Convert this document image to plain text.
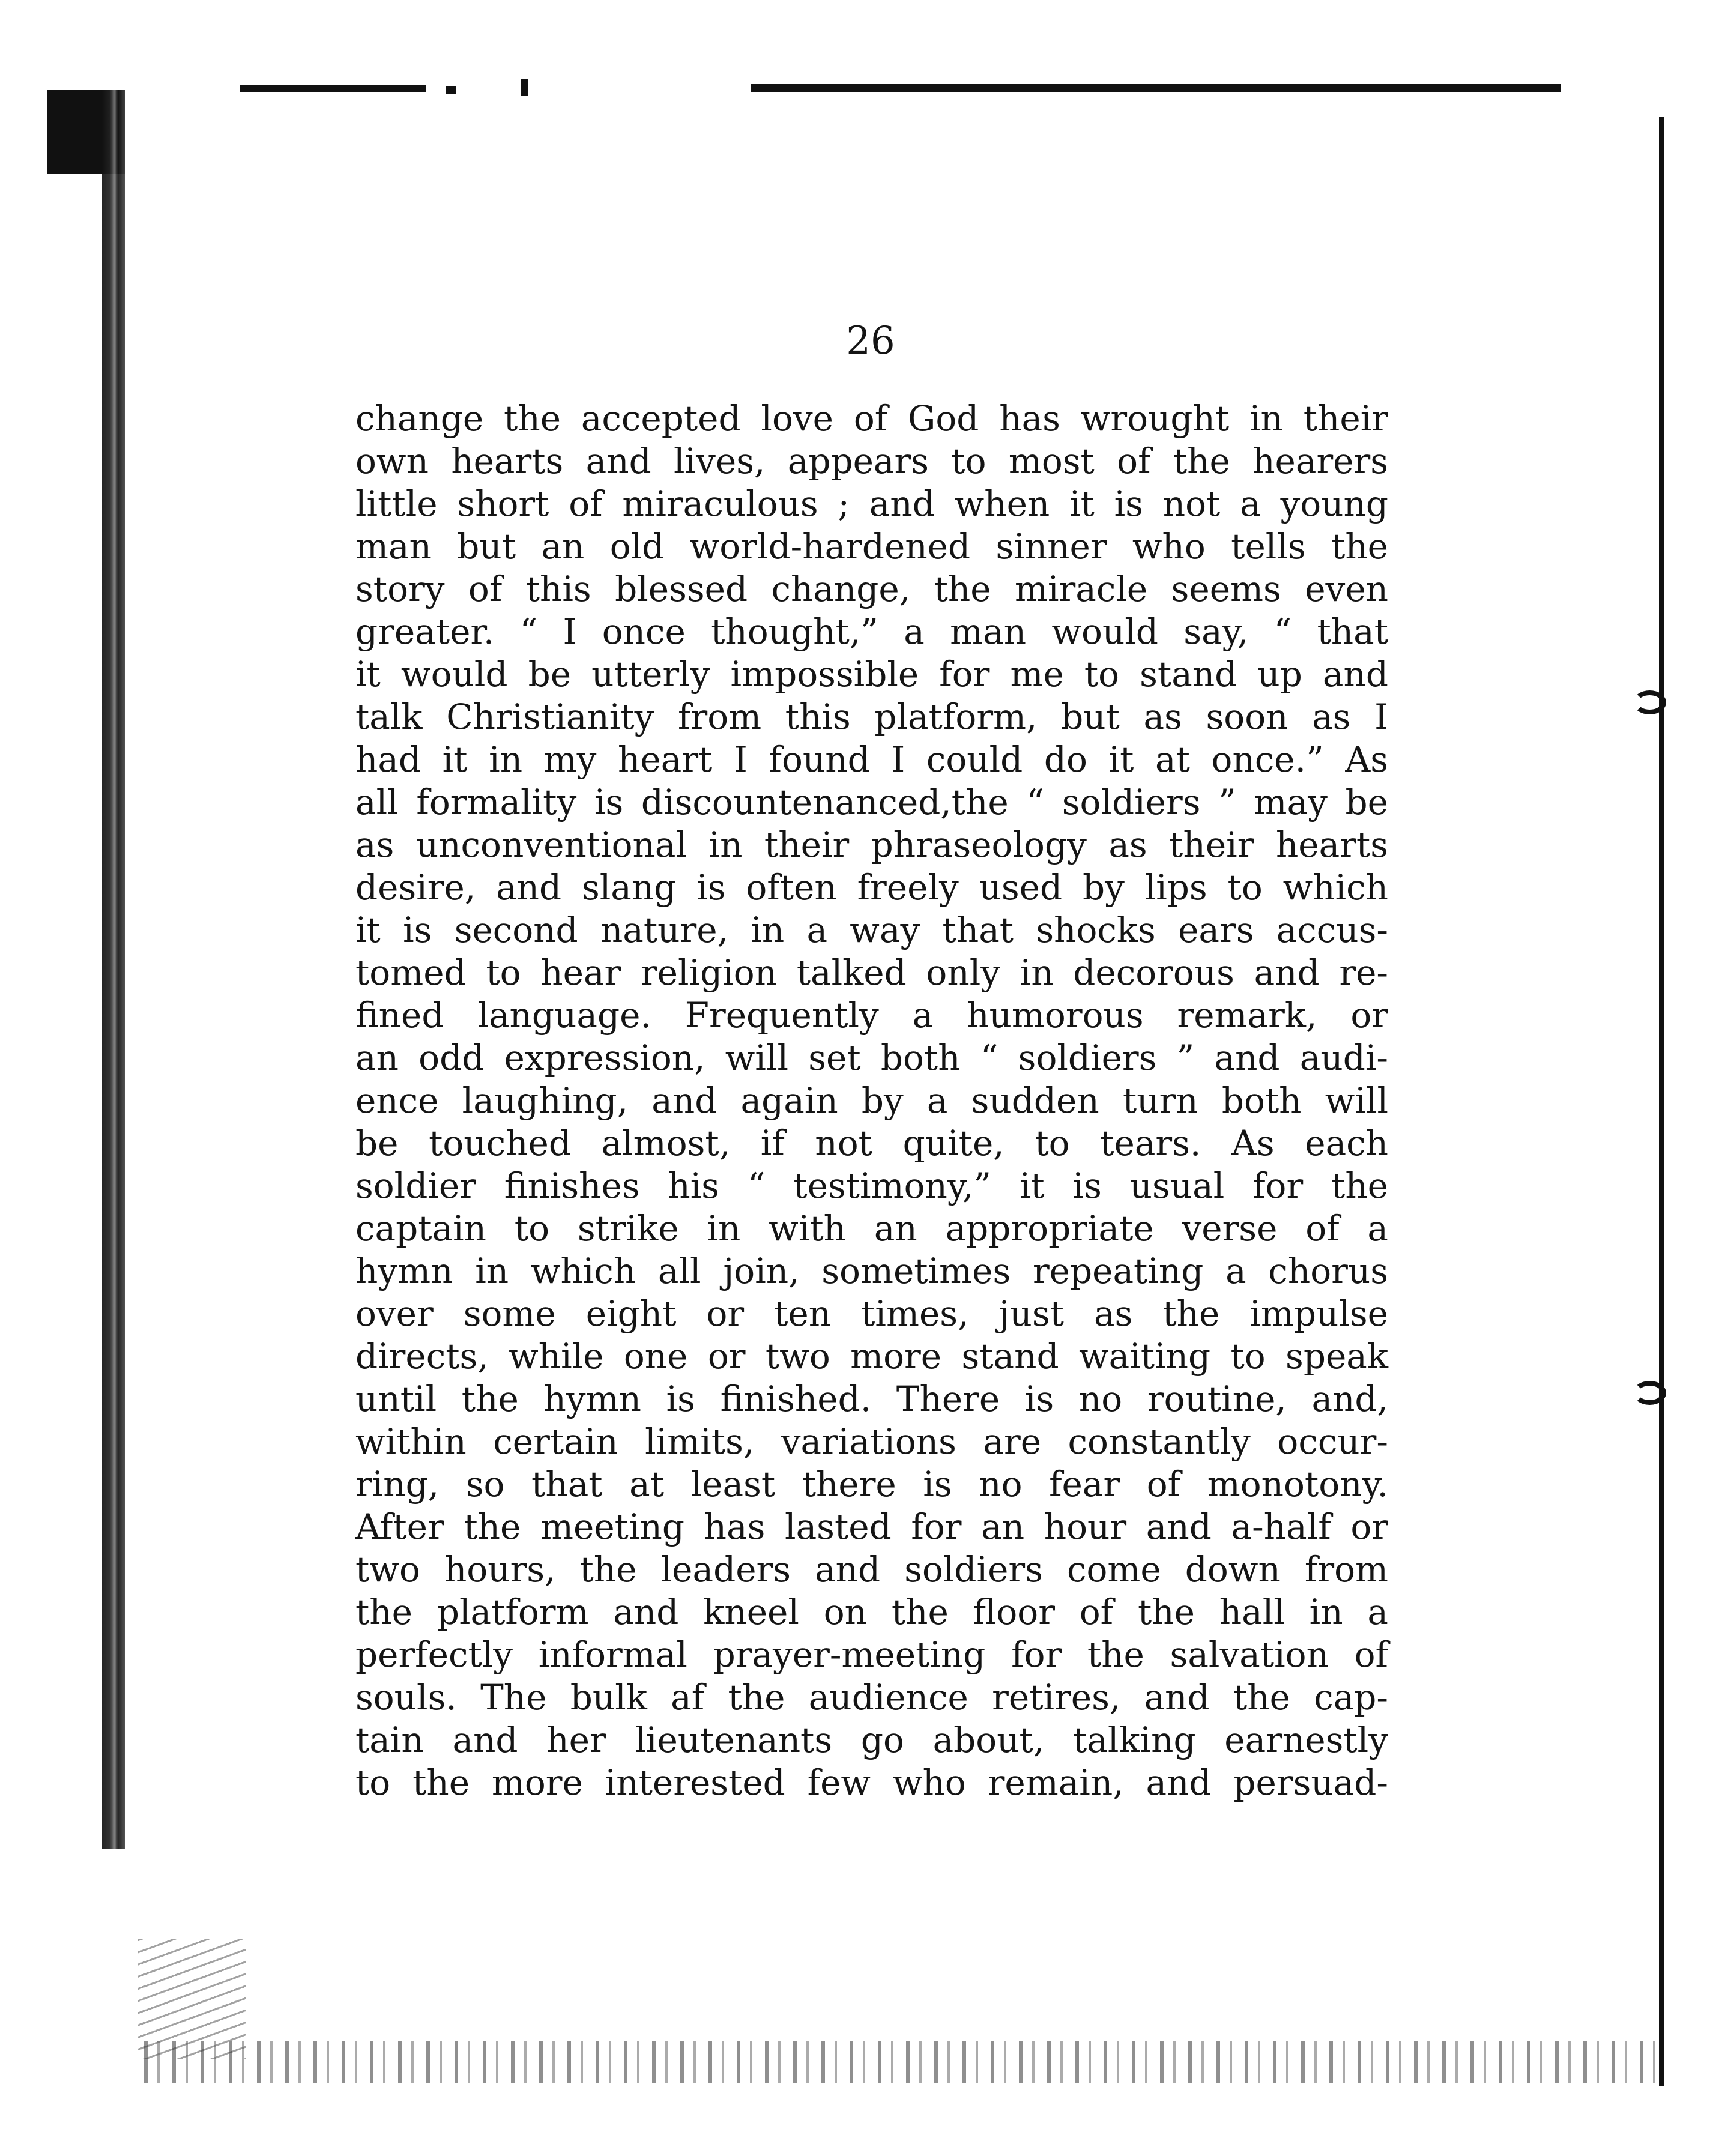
26
change the accepted love of God has wrought in their
own hearts and lives, appears to most of the hearers
little short of miraculous ; and when it is not a young
man but an old world-hardened sinner who tells the
story of this blessed change, the miracle seems even
greater. “ I once thought,” a man would say, “ that
it would be utterly impossible for me to stand up and
talk Christianity from this platform, but as soon as I
had it in my heart I found I could do it at once.” As
all formality is discountenanced,the “ soldiers ” may be
as unconventional in their phraseology as their hearts
desire, and slang is often freely used by lips to which
it is second nature, in a way that shocks ears accus-
tomed to hear religion talked only in decorous and re-
fined language. Frequently a humorous remark, or
an odd expression, will set both “ soldiers ” and audi-
ence laughing, and again by a sudden turn both will
be touched almost, if not quite, to tears. As each
soldier finishes his “ testimony,” it is usual for the
captain to strike in with an appropriate verse of a
hymn in which all join, sometimes repeating a chorus
over some eight or ten times, just as the impulse
directs, while one or two more stand waiting to speak
until the hymn is finished. There is no routine, and,
within certain limits, variations are constantly occur-
ring, so that at least there is no fear of monotony.
After the meeting has lasted for an hour and a-half or
two hours, the leaders and soldiers come down from
the platform and kneel on the floor of the hall in a
perfectly informal prayer-meeting for the salvation of
souls. The bulk af the audience retires, and the cap-
tain and her lieutenants go about, talking earnestly
to the more interested few who remain, and persuad-
